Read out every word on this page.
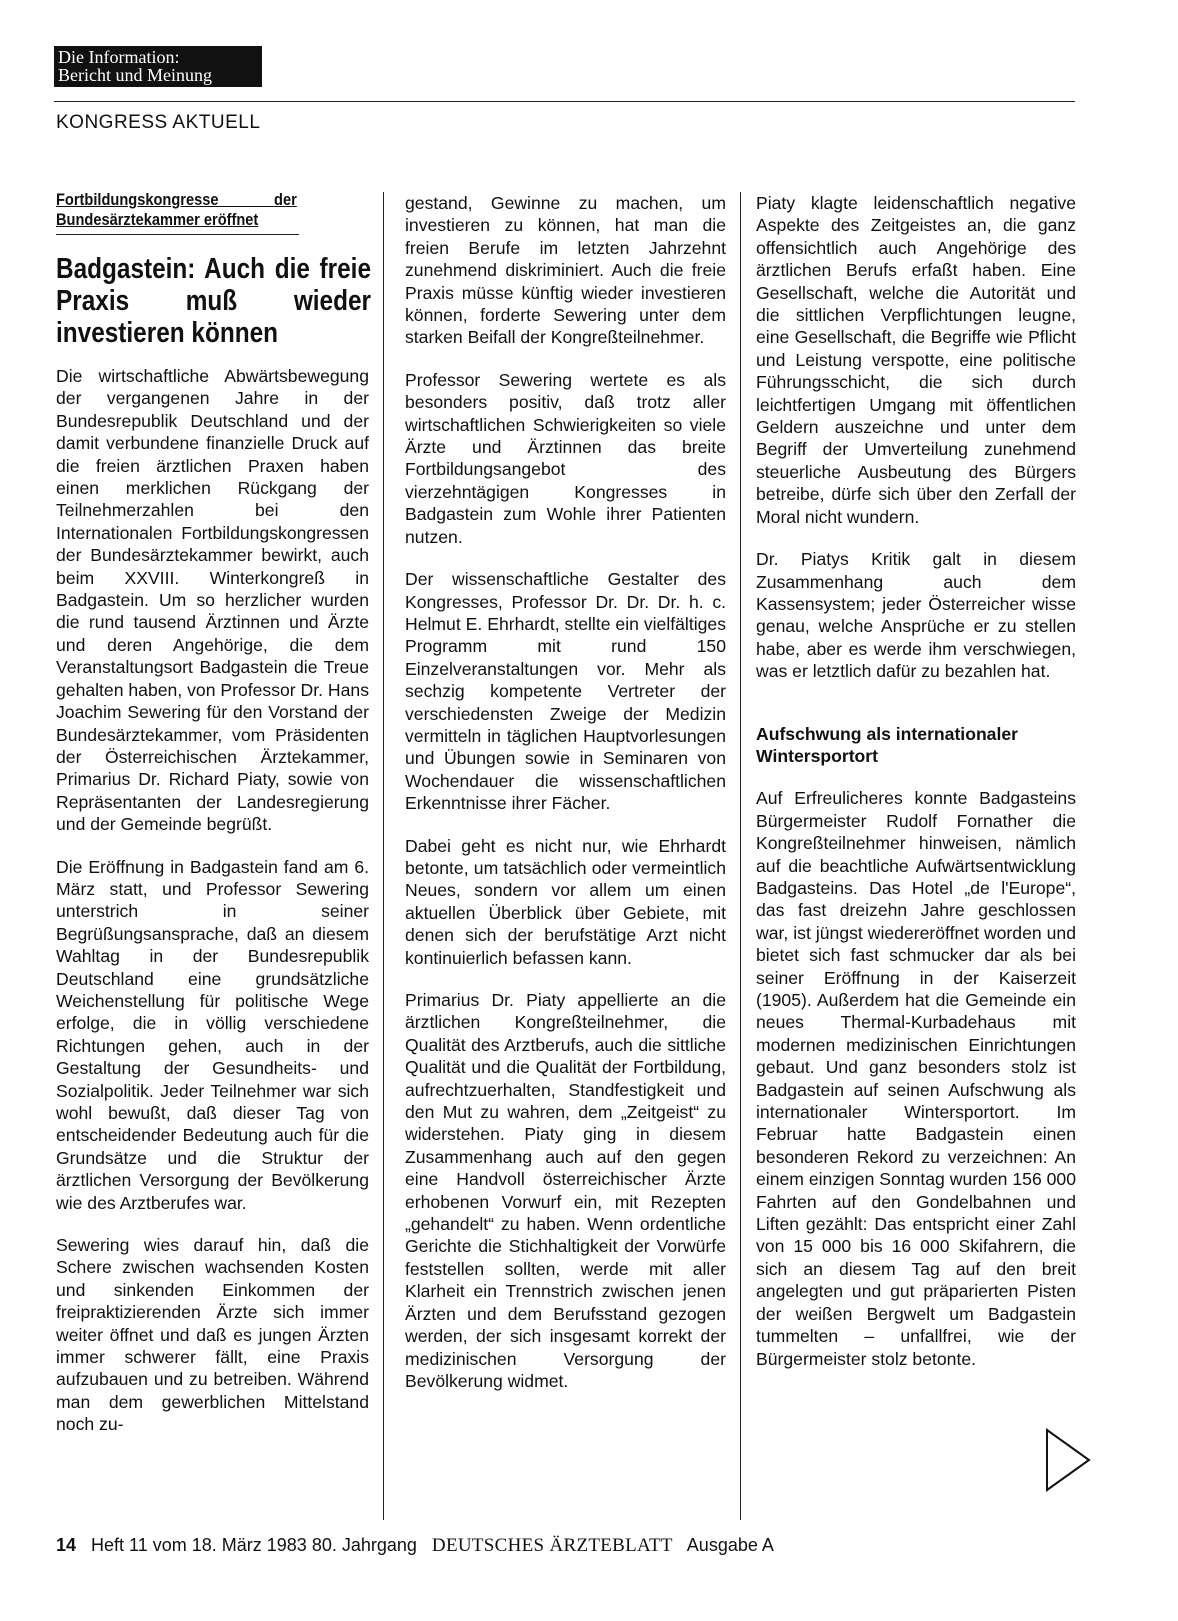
Die Information:
Bericht und Meinung
KONGRESS AKTUELL
Fortbildungskongresse der Bundesärztekammer eröffnet
Badgastein: Auch die freie Praxis muß wieder investieren können

Die wirtschaftliche Abwärtsbewegung der vergangenen Jahre in der Bundesrepublik Deutschland und der damit verbundene finanzielle Druck auf die freien ärztlichen Praxen haben einen merklichen Rückgang der Teilnehmerzahlen bei den Internationalen Fortbildungskongressen der Bundesärztekammer bewirkt, auch beim XXVIII. Winterkongreß in Badgastein. Um so herzlicher wurden die rund tausend Ärztinnen und Ärzte und deren Angehörige, die dem Veranstaltungsort Badgastein die Treue gehalten haben, von Professor Dr. Hans Joachim Sewering für den Vorstand der Bundesärztekammer, vom Präsidenten der Österreichischen Ärztekammer, Primarius Dr. Richard Piaty, sowie von Repräsentanten der Landesregierung und der Gemeinde begrüßt.

Die Eröffnung in Badgastein fand am 6. März statt, und Professor Sewering unterstrich in seiner Begrüßungsansprache, daß an diesem Wahltag in der Bundesrepublik Deutschland eine grundsätzliche Weichenstellung für politische Wege erfolge, die in völlig verschiedene Richtungen gehen, auch in der Gestaltung der Gesundheits- und Sozialpolitik. Jeder Teilnehmer war sich wohl bewußt, daß dieser Tag von entscheidender Bedeutung auch für die Grundsätze und die Struktur der ärztlichen Versorgung der Bevölkerung wie des Arztberufes war.

Sewering wies darauf hin, daß die Schere zwischen wachsenden Kosten und sinkenden Einkommen der freipraktizierenden Ärzte sich immer weiter öffnet und daß es jungen Ärzten immer schwerer fällt, eine Praxis aufzubauen und zu betreiben. Während man dem gewerblichen Mittelstand noch zu-

gestand, Gewinne zu machen, um investieren zu können, hat man die freien Berufe im letzten Jahrzehnt zunehmend diskriminiert. Auch die freie Praxis müsse künftig wieder investieren können, forderte Sewering unter dem starken Beifall der Kongreßteilnehmer.

Professor Sewering wertete es als besonders positiv, daß trotz aller wirtschaftlichen Schwierigkeiten so viele Ärzte und Ärztinnen das breite Fortbildungsangebot des vierzehntägigen Kongresses in Badgastein zum Wohle ihrer Patienten nutzen.

Der wissenschaftliche Gestalter des Kongresses, Professor Dr. Dr. Dr. h. c. Helmut E. Ehrhardt, stellte ein vielfältiges Programm mit rund 150 Einzelveranstaltungen vor. Mehr als sechzig kompetente Vertreter der verschiedensten Zweige der Medizin vermitteln in täglichen Hauptvorlesungen und Übungen sowie in Seminaren von Wochendauer die wissenschaftlichen Erkenntnisse ihrer Fächer.

Dabei geht es nicht nur, wie Ehrhardt betonte, um tatsächlich oder vermeintlich Neues, sondern vor allem um einen aktuellen Überblick über Gebiete, mit denen sich der berufstätige Arzt nicht kontinuierlich befassen kann.

Primarius Dr. Piaty appellierte an die ärztlichen Kongreßteilnehmer, die Qualität des Arztberufs, auch die sittliche Qualität und die Qualität der Fortbildung, aufrechtzuerhalten, Standfestigkeit und den Mut zu wahren, dem „Zeitgeist“ zu widerstehen. Piaty ging in diesem Zusammenhang auch auf den gegen eine Handvoll österreichischer Ärzte erhobenen Vorwurf ein, mit Rezepten „gehandelt“ zu haben. Wenn ordentliche Gerichte die Stichhaltigkeit der Vorwürfe feststellen sollten, werde mit aller Klarheit ein Trennstrich zwischen jenen Ärzten und dem Berufsstand gezogen werden, der sich insgesamt korrekt der medizinischen Versorgung der Bevölkerung widmet.

Piaty klagte leidenschaftlich negative Aspekte des Zeitgeistes an, die ganz offensichtlich auch Angehörige des ärztlichen Berufs erfaßt haben. Eine Gesellschaft, welche die Autorität und die sittlichen Verpflichtungen leugne, eine Gesellschaft, die Begriffe wie Pflicht und Leistung verspotte, eine politische Führungsschicht, die sich durch leichtfertigen Umgang mit öffentlichen Geldern auszeichne und unter dem Begriff der Umverteilung zunehmend steuerliche Ausbeutung des Bürgers betreibe, dürfe sich über den Zerfall der Moral nicht wundern.

Dr. Piatys Kritik galt in diesem Zusammenhang auch dem Kassensystem; jeder Österreicher wisse genau, welche Ansprüche er zu stellen habe, aber es werde ihm verschwiegen, was er letztlich dafür zu bezahlen hat.

Aufschwung als internationaler Wintersportort

Auf Erfreulicheres konnte Badgasteins Bürgermeister Rudolf Fornather die Kongreßteilnehmer hinweisen, nämlich auf die beachtliche Aufwärtsentwicklung Badgasteins. Das Hotel „de l'Europe“, das fast dreizehn Jahre geschlossen war, ist jüngst wiedereröffnet worden und bietet sich fast schmucker dar als bei seiner Eröffnung in der Kaiserzeit (1905). Außerdem hat die Gemeinde ein neues Thermal-Kurbadehaus mit modernen medizinischen Einrichtungen gebaut. Und ganz besonders stolz ist Badgastein auf seinen Aufschwung als internationaler Wintersportort. Im Februar hatte Badgastein einen besonderen Rekord zu verzeichnen: An einem einzigen Sonntag wurden 156 000 Fahrten auf den Gondelbahnen und Liften gezählt: Das entspricht einer Zahl von 15 000 bis 16 000 Skifahrern, die sich an diesem Tag auf den breit angelegten und gut präparierten Pisten der weißen Bergwelt um Badgastein tummelten – unfallfrei, wie der Bürgermeister stolz betonte.

14 Heft 11 vom 18. März 1983 80. Jahrgang DEUTSCHES ÄRZTEBLATT Ausgabe A
